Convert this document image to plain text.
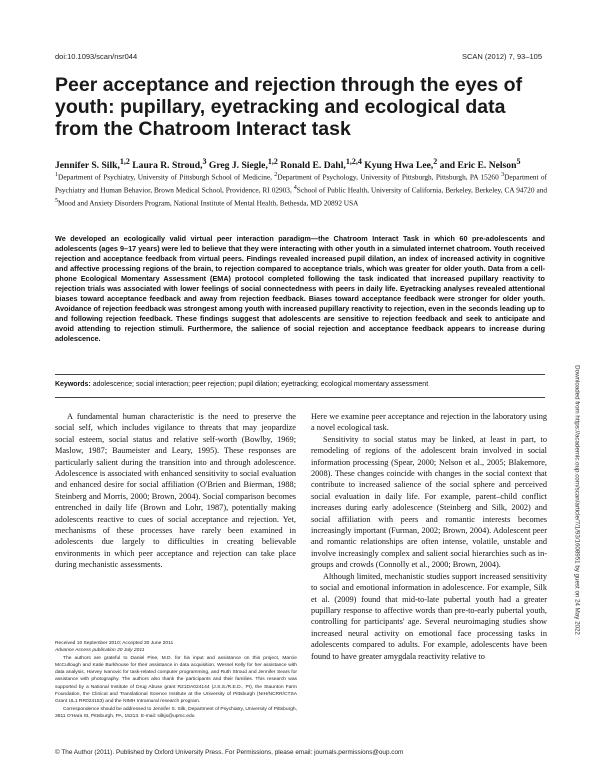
doi:10.1093/scan/nsr044	SCAN (2012) 7, 93–105
Peer acceptance and rejection through the eyes of youth: pupillary, eyetracking and ecological data from the Chatroom Interact task

Jennifer S. Silk,$^{1,2}$ Laura R. Stroud,$^3$ Greg J. Siegle,$^{1,2}$ Ronald E. Dahl,$^{1,2,4}$ Kyung Hwa Lee,$^2$ and Eric E. Nelson$^5$

$^1$Department of Psychiatry, University of Pittsburgh School of Medicine, $^2$Department of Psychology, University of Pittsburgh, Pittsburgh, PA 15260 $^3$Department of Psychiatry and Human Behavior, Brown Medical School, Providence, RI 02903, $^4$School of Public Health, University of California, Berkeley, Berkeley, CA 94720 and $^5$Mood and Anxiety Disorders Program, National Institute of Mental Health, Bethesda, MD 20892 USA

We developed an ecologically valid virtual peer interaction paradigm—the Chatroom Interact Task in which 60 pre-adolescents and adolescents (ages 9–17 years) were led to believe that they were interacting with other youth in a simulated internet chatroom. Youth received rejection and acceptance feedback from virtual peers. Findings revealed increased pupil dilation, an index of increased activity in cognitive and affective processing regions of the brain, to rejection compared to acceptance trials, which was greater for older youth. Data from a cell-phone Ecological Momentary Assessment (EMA) protocol completed following the task indicated that increased pupillary reactivity to rejection trials was associated with lower feelings of social connectedness with peers in daily life. Eyetracking analyses revealed attentional biases toward acceptance feedback and away from rejection feedback. Biases toward acceptance feedback were stronger for older youth. Avoidance of rejection feedback was strongest among youth with increased pupillary reactivity to rejection, even in the seconds leading up to and following rejection feedback. These findings suggest that adolescents are sensitive to rejection feedback and seek to anticipate and avoid attending to rejection stimuli. Furthermore, the salience of social rejection and acceptance feedback appears to increase during adolescence.

Keywords: adolescence; social interaction; peer rejection; pupil dilation; eyetracking; ecological momentary assessment

A fundamental human characteristic is the need to preserve the social self, which includes vigilance to threats that may jeopardize social esteem, social status and relative self-worth (Bowlby, 1969; Maslow, 1987; Baumeister and Leary, 1995). These responses are particularly salient during the transition into and through adolescence. Adolescence is associated with enhanced sensitivity to social evaluation and enhanced desire for social affiliation (O'Brien and Bierman, 1988; Steinberg and Morris, 2000; Brown, 2004). Social comparison becomes entrenched in daily life (Brown and Lohr, 1987), potentially making adolescents reactive to cues of social acceptance and rejection. Yet, mechanisms of these processes have rarely been examined in adolescents due largely to difficulties in creating believable environments in which peer acceptance and rejection can take place during mechanistic assessments.

Here we examine peer acceptance and rejection in the laboratory using a novel ecological task.

Sensitivity to social status may be linked, at least in part, to remodeling of regions of the adolescent brain involved in social information processing (Spear, 2000; Nelson et al., 2005; Blakemore, 2008). These changes coincide with changes in the social context that contribute to increased salience of the social sphere and perceived social evaluation in daily life. For example, parent–child conflict increases during early adolescence (Steinberg and Silk, 2002) and social affiliation with peers and romantic interests becomes increasingly important (Furman, 2002; Brown, 2004). Adolescent peer and romantic relationships are often intense, volatile, unstable and involve increasingly complex and salient social hierarchies such as in-groups and crowds (Connolly et al., 2000; Brown, 2004).

Although limited, mechanistic studies support increased sensitivity to social and emotional information in adolescence. For example, Silk et al. (2009) found that mid-to-late pubertal youth had a greater pupillary response to affective words than pre-to-early pubertal youth, controlling for participants' age. Several neuroimaging studies show increased neural activity on emotional face processing tasks in adolescents compared to adults. For example, adolescents have been found to have greater amygdala reactivity relative to

Received 10 September 2010; Accepted 30 June 2011

Advance Access publication 20 July 2011

The authors are grateful to Daniel Pine, M.D. for his input and assistance on this project, Marcie McCullough and Katie Burkhouse for their assistance in data acquisition, Wessel Kelly for her assistance with data analysis, Harvey Ivanovic for task-related computer programming, and Ruth Stroud and Jennifer Sears for assistance with photography. The authors also thank the participants and their families. This research was supported by a National Institute of Drug Abuse grant R21DA024144 (J.S.S./R.E.D., PI), the Staunton Farm Foundation, the Clinical and Translational Science Institute at the University of Pittsburgh (NIH/NCRR/CTSA Grant UL1 RR024153) and the NIMH Intramural research program.

Correspondence should be addressed to Jennifer S. Silk, Department of Psychiatry, University of Pittsburgh, 3811 O'Hara St, Pittsburgh, PA, 15213. E-mail: silkjs@upmc.edu

© The Author (2011). Published by Oxford University Press. For Permissions, please email: journals.permissions@oup.com
Downloaded from https://academic.oup.com/scan/article/7/1/93/1608951 by guest on 24 May 2022
